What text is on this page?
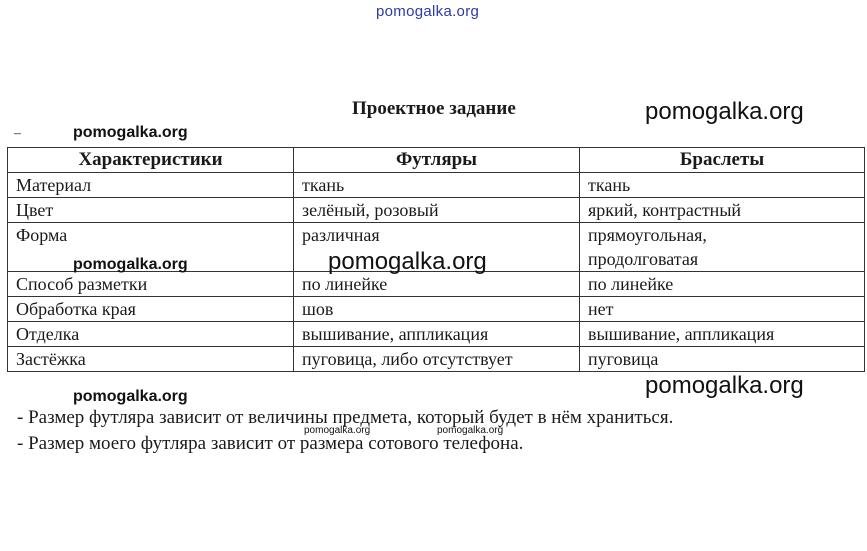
pomogalka.org
Проектное задание	pomogalka.org
–	pomogalka.org
Характеристики	Футляры	Браслеты
Материал	ткань	ткань
Цвет	зелёный, розовый	яркий, контрастный
Форма	различная	прямоугольная,
		продолговатая
Способ разметки	по линейке	по линейке
Обработка края	шов	нет
Отделка	вышивание, аппликация	вышивание, аппликация
Застёжка	пуговица, либо отсутствует	пуговица
pomogalka.org	pomogalka.org
pomogalka.org
pomogalka.org
pomogalka.org	pomogalka.org
- Размер футляра зависит от величины предмета, который будет в нём храниться.
- Размер моего футляра зависит от размера сотового телефона.
